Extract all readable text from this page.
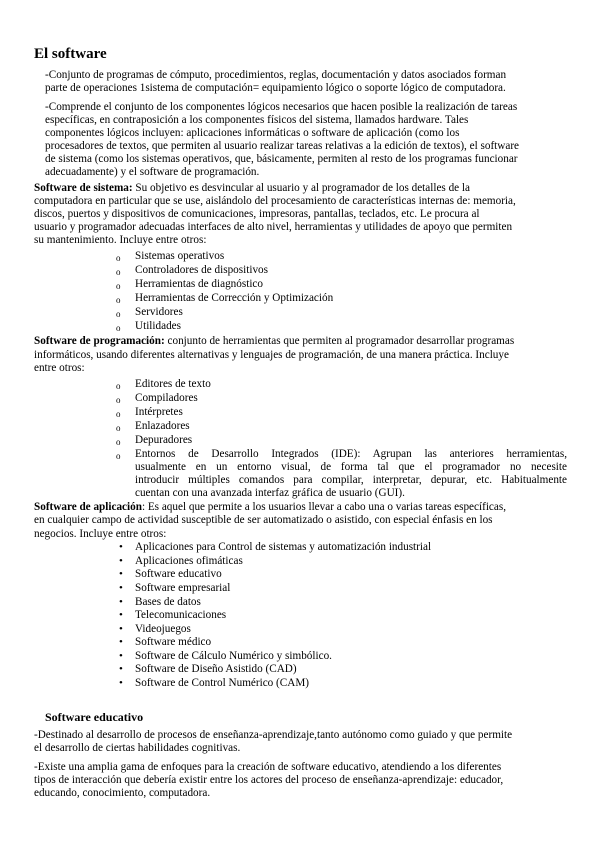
El software
-Conjunto de programas de cómputo, procedimientos, reglas, documentación y datos asociados forman
parte de operaciones 1sistema de computación= equipamiento lógico o soporte lógico de computadora.
-Comprende el conjunto de los componentes lógicos necesarios que hacen posible la realización de tareas
específicas, en contraposición a los componentes físicos del sistema, llamados hardware. Tales
componentes lógicos incluyen: aplicaciones informáticas o software de aplicación (como los
procesadores de textos, que permiten al usuario realizar tareas relativas a la edición de textos), el software
de sistema (como los sistemas operativos, que, básicamente, permiten al resto de los programas funcionar
adecuadamente) y el software de programación.
Software de sistema: Su objetivo es desvincular al usuario y al programador de los detalles de la
computadora en particular que se use, aislándolo del procesamiento de características internas de: memoria,
discos, puertos y dispositivos de comunicaciones, impresoras, pantallas, teclados, etc. Le procura al
usuario y programador adecuadas interfaces de alto nivel, herramientas y utilidades de apoyo que permiten
su mantenimiento. Incluye entre otros:
o Sistemas operativos
o Controladores de dispositivos
o Herramientas de diagnóstico
o Herramientas de Corrección y Optimización
o Servidores
o Utilidades
Software de programación: conjunto de herramientas que permiten al programador desarrollar programas
informáticos, usando diferentes alternativas y lenguajes de programación, de una manera práctica. Incluye
entre otros:
o Editores de texto
o Compiladores
o Intérpretes
o Enlazadores
o Depuradores
o Entornos de Desarrollo Integrados (IDE): Agrupan las anteriores herramientas,
usualmente en un entorno visual, de forma tal que el programador no necesite
introducir múltiples comandos para compilar, interpretar, depurar, etc. Habitualmente
cuentan con una avanzada interfaz gráfica de usuario (GUI).
Software de aplicación: Es aquel que permite a los usuarios llevar a cabo una o varias tareas específicas,
en cualquier campo de actividad susceptible de ser automatizado o asistido, con especial énfasis en los
negocios. Incluye entre otros:
• Aplicaciones para Control de sistemas y automatización industrial
• Aplicaciones ofimáticas
• Software educativo
• Software empresarial
• Bases de datos
• Telecomunicaciones
• Videojuegos
• Software médico
• Software de Cálculo Numérico y simbólico.
• Software de Diseño Asistido (CAD)
• Software de Control Numérico (CAM)
Software educativo
-Destinado al desarrollo de procesos de enseñanza-aprendizaje,tanto autónomo como guiado y que permite
el desarrollo de ciertas habilidades cognitivas.
-Existe una amplia gama de enfoques para la creación de software educativo, atendiendo a los diferentes
tipos de interacción que debería existir entre los actores del proceso de enseñanza-aprendizaje: educador,
educando, conocimiento, computadora.
